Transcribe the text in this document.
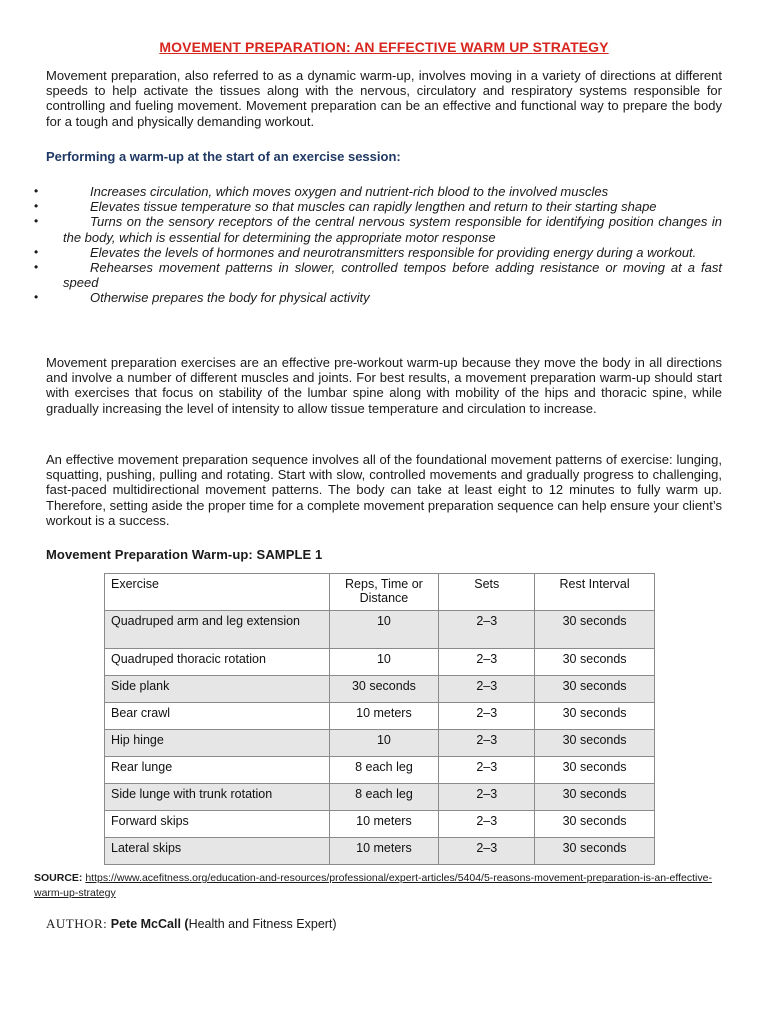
MOVEMENT PREPARATION: AN EFFECTIVE WARM UP STRATEGY

Movement preparation, also referred to as a dynamic warm-up, involves moving in a variety of directions at different speeds to help activate the tissues along with the nervous, circulatory and respiratory systems responsible for controlling and fueling movement. Movement preparation can be an effective and functional way to prepare the body for a tough and physically demanding workout.

Performing a warm-up at the start of an exercise session:
•	Increases circulation, which moves oxygen and nutrient-rich blood to the involved muscles
•	Elevates tissue temperature so that muscles can rapidly lengthen and return to their starting shape
•	Turns on the sensory receptors of the central nervous system responsible for identifying position changes in the body, which is essential for determining the appropriate motor response
•	Elevates the levels of hormones and neurotransmitters responsible for providing energy during a workout.
•	Rehearses movement patterns in slower, controlled tempos before adding resistance or moving at a fast speed
•	Otherwise prepares the body for physical activity

Movement preparation exercises are an effective pre-workout warm-up because they move the body in all directions and involve a number of different muscles and joints. For best results, a movement preparation warm-up should start with exercises that focus on stability of the lumbar spine along with mobility of the hips and thoracic spine, while gradually increasing the level of intensity to allow tissue temperature and circulation to increase.

An effective movement preparation sequence involves all of the foundational movement patterns of exercise: lunging, squatting, pushing, pulling and rotating. Start with slow, controlled movements and gradually progress to challenging, fast-paced multidirectional movement patterns. The body can take at least eight to 12 minutes to fully warm up. Therefore, setting aside the proper time for a complete movement preparation sequence can help ensure your client’s workout is a success.

Movement Preparation Warm-up: SAMPLE 1
Exercise	Reps, Time or Distance	Sets	Rest Interval
Quadruped arm and leg extension	10	2–3	30 seconds
Quadruped thoracic rotation	10	2–3	30 seconds
Side plank	30 seconds	2–3	30 seconds
Bear crawl	10 meters	2–3	30 seconds
Hip hinge	10	2–3	30 seconds
Rear lunge	8 each leg	2–3	30 seconds
Side lunge with trunk rotation	8 each leg	2–3	30 seconds
Forward skips	10 meters	2–3	30 seconds
Lateral skips	10 meters	2–3	30 seconds
SOURCE: https://www.acefitness.org/education-and-resources/professional/expert-articles/5404/5-reasons-movement-preparation-is-an-effective-warm-up-strategy
AUTHOR: Pete McCall (Health and Fitness Expert)
